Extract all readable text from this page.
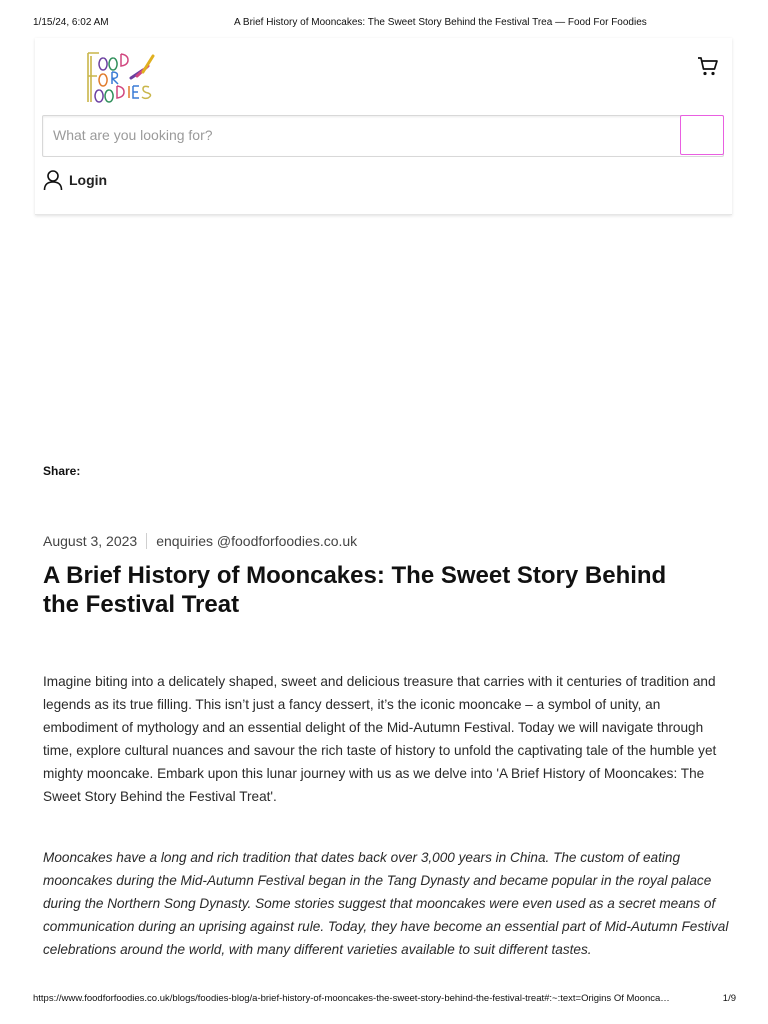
1/15/24, 6:02 AM	A Brief History of Mooncakes: The Sweet Story Behind the Festival Trea — Food For Foodies
What are you looking for?
Login
Share:
August 3, 2023 enquiries @foodforfoodies.co.uk
A Brief History of Mooncakes: The Sweet Story Behind the Festival Treat

Imagine biting into a delicately shaped, sweet and delicious treasure that carries with it centuries of tradition and legends as its true filling. This isn’t just a fancy dessert, it’s the iconic mooncake – a symbol of unity, an embodiment of mythology and an essential delight of the Mid-Autumn Festival. Today we will navigate through time, explore cultural nuances and savour the rich taste of history to unfold the captivating tale of the humble yet mighty mooncake. Embark upon this lunar journey with us as we delve into 'A Brief History of Mooncakes: The Sweet Story Behind the Festival Treat'.

Mooncakes have a long and rich tradition that dates back over 3,000 years in China. The custom of eating mooncakes during the Mid-Autumn Festival began in the Tang Dynasty and became popular in the royal palace during the Northern Song Dynasty. Some stories suggest that mooncakes were even used as a secret means of communication during an uprising against rule. Today, they have become an essential part of Mid-Autumn Festival celebrations around the world, with many different varieties available to suit different tastes.

https://www.foodforfoodies.co.uk/blogs/foodies-blog/a-brief-history-of-mooncakes-the-sweet-story-behind-the-festival-treat#:~:text=Origins Of Moonca…	1/9
